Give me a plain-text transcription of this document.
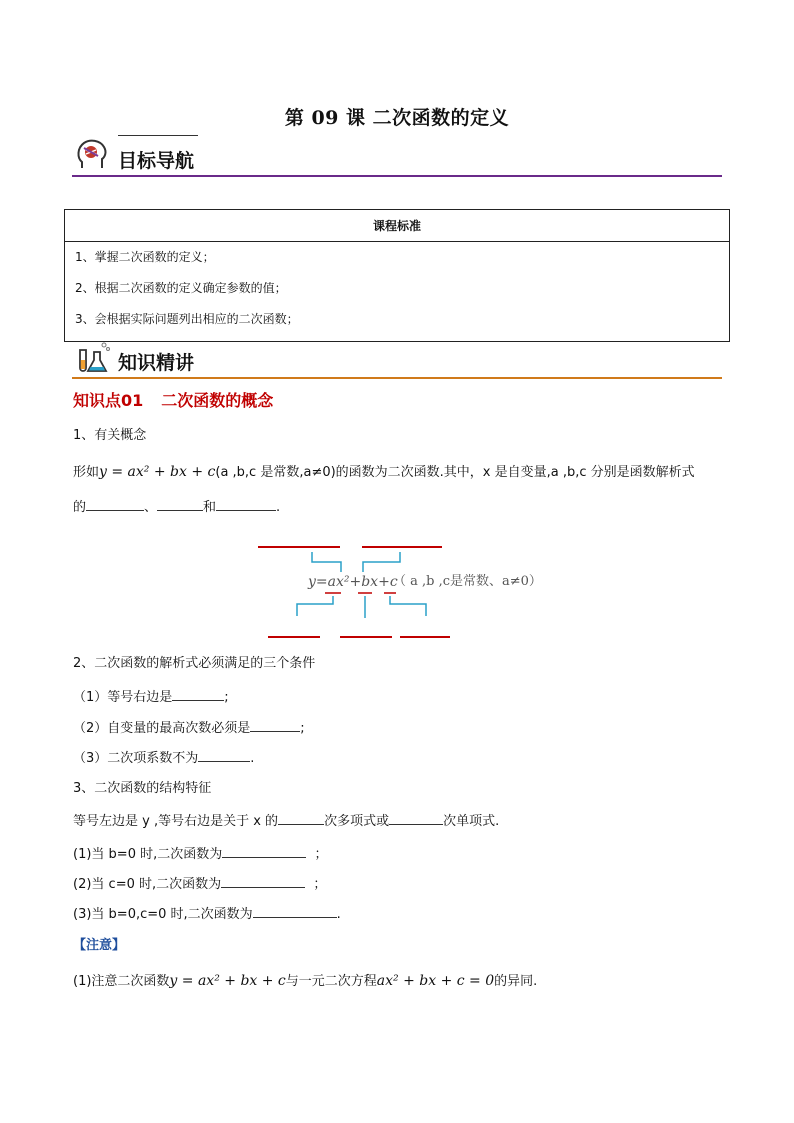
第 09 课 二次函数的定义
目标导航
课程标准

1、掌握二次函数的定义；
2、根据二次函数的定义确定参数的值；
3、会根据实际问题列出相应的二次函数；
知识精讲
知识点01 二次函数的概念
1、有关概念
形如y = ax² + bx + c(a ,b,c 是常数,a≠0)的函数为二次函数.其中，x 是自变量,a ,b,c 分别是函数解析式
的	、	和	.
y=ax²+bx+c
（ a ,b ,c是常数、a≠0）
2、二次函数的解析式必须满足的三个条件
（1）等号右边是	;
（2）自变量的最高次数必须是	;
（3）二次项系数不为	.
3、二次函数的结构特征
等号左边是 y ,等号右边是关于 x 的	次多项式或	次单项式.
(1)当 b=0 时,二次函数为	；
(2)当 c=0 时,二次函数为	；
(3)当 b=0,c=0 时,二次函数为	.
【注意】
(1)注意二次函数y = ax² + bx + c与一元二次方程ax² + bx + c = 0的异同.
